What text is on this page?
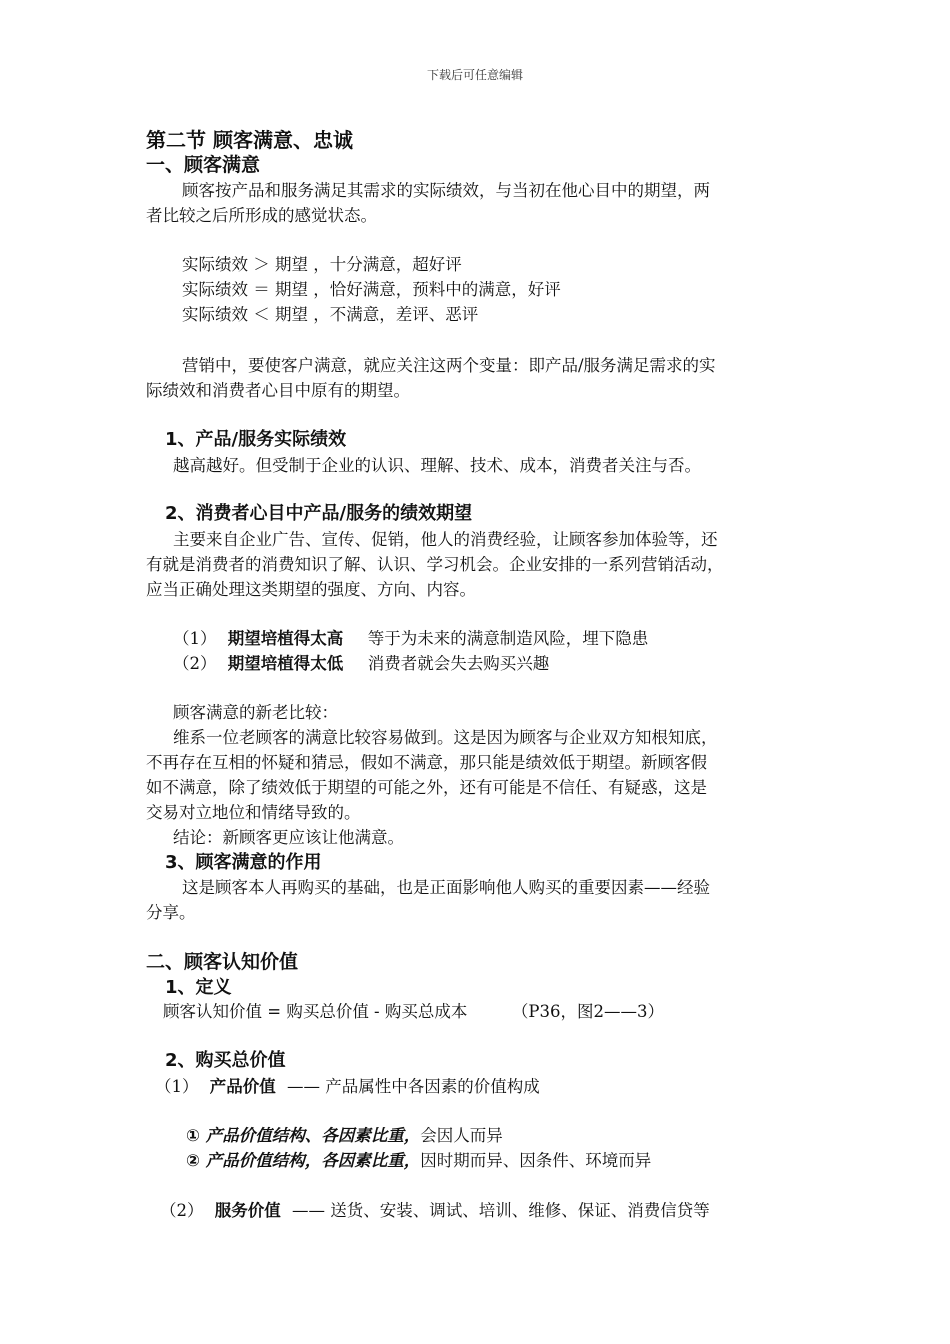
下载后可任意编辑
第二节 顾客满意、忠诚
一、顾客满意
顾客按产品和服务满足其需求的实际绩效，与当初在他心目中的期望，两
者比较之后所形成的感觉状态。
实际绩效 ＞ 期望 ，十分满意，超好评
实际绩效 ＝ 期望 ，恰好满意，预料中的满意，好评
实际绩效 ＜ 期望 ，不满意，差评、恶评
营销中，要使客户满意，就应关注这两个变量：即产品/服务满足需求的实
际绩效和消费者心目中原有的期望。
1、产品/服务实际绩效
越高越好。但受制于企业的认识、理解、技术、成本，消费者关注与否。
2、消费者心目中产品/服务的绩效期望
主要来自企业广告、宣传、促销，他人的消费经验，让顾客参加体验等，还
有就是消费者的消费知识了解、认识、学习机会。企业安排的一系列营销活动，
应当正确处理这类期望的强度、方向、内容。
（1） 期望培植得太高 等于为未来的满意制造风险，埋下隐患
（2） 期望培植得太低 消费者就会失去购买兴趣
顾客满意的新老比较：
维系一位老顾客的满意比较容易做到。这是因为顾客与企业双方知根知底，
不再存在互相的怀疑和猜忌，假如不满意，那只能是绩效低于期望。新顾客假
如不满意，除了绩效低于期望的可能之外，还有可能是不信任、有疑惑，这是
交易对立地位和情绪导致的。
结论：新顾客更应该让他满意。
3、顾客满意的作用
这是顾客本人再购买的基础，也是正面影响他人购买的重要因素——经验
分享。
二、顾客认知价值
1、定义
顾客认知价值 = 购买总价值 - 购买总成本	（P36，图2——3）
2、购买总价值
（1） 产品价值 —— 产品属性中各因素的价值构成
① 产品价值结构、各因素比重，会因人而异
② 产品价值结构，各因素比重，因时期而异、因条件、环境而异
（2） 服务价值 —— 送货、安装、调试、培训、维修、保证、消费信贷等
